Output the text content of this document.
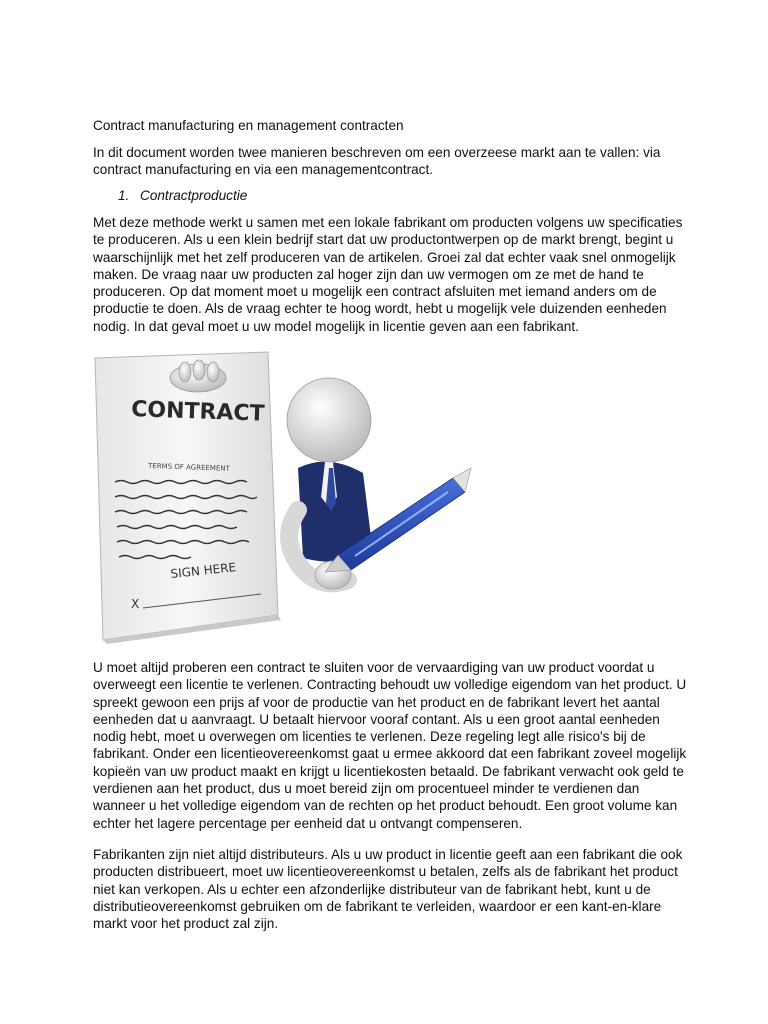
Contract manufacturing en management contracten
In dit document worden twee manieren beschreven om een overzeese markt aan te vallen: via
contract manufacturing en via een managementcontract.
1. Contractproductie
Met deze methode werkt u samen met een lokale fabrikant om producten volgens uw specificaties
te produceren. Als u een klein bedrijf start dat uw productontwerpen op de markt brengt, begint u
waarschijnlijk met het zelf produceren van de artikelen. Groei zal dat echter vaak snel onmogelijk
maken. De vraag naar uw producten zal hoger zijn dan uw vermogen om ze met de hand te
produceren. Op dat moment moet u mogelijk een contract afsluiten met iemand anders om de
productie te doen. Als de vraag echter te hoog wordt, hebt u mogelijk vele duizenden eenheden
nodig. In dat geval moet u uw model mogelijk in licentie geven aan een fabrikant.
CONTRACT
TERMS OF AGREEMENT
SIGN HERE
X
U moet altijd proberen een contract te sluiten voor de vervaardiging van uw product voordat u
overweegt een licentie te verlenen. Contracting behoudt uw volledige eigendom van het product. U
spreekt gewoon een prijs af voor de productie van het product en de fabrikant levert het aantal
eenheden dat u aanvraagt. U betaalt hiervoor vooraf contant. Als u een groot aantal eenheden
nodig hebt, moet u overwegen om licenties te verlenen. Deze regeling legt alle risico's bij de
fabrikant. Onder een licentieovereenkomst gaat u ermee akkoord dat een fabrikant zoveel mogelijk
kopieën van uw product maakt en krijgt u licentiekosten betaald. De fabrikant verwacht ook geld te
verdienen aan het product, dus u moet bereid zijn om procentueel minder te verdienen dan
wanneer u het volledige eigendom van de rechten op het product behoudt. Een groot volume kan
echter het lagere percentage per eenheid dat u ontvangt compenseren.
Fabrikanten zijn niet altijd distributeurs. Als u uw product in licentie geeft aan een fabrikant die ook
producten distribueert, moet uw licentieovereenkomst u betalen, zelfs als de fabrikant het product
niet kan verkopen. Als u echter een afzonderlijke distributeur van de fabrikant hebt, kunt u de
distributieovereenkomst gebruiken om de fabrikant te verleiden, waardoor er een kant-en-klare
markt voor het product zal zijn.
